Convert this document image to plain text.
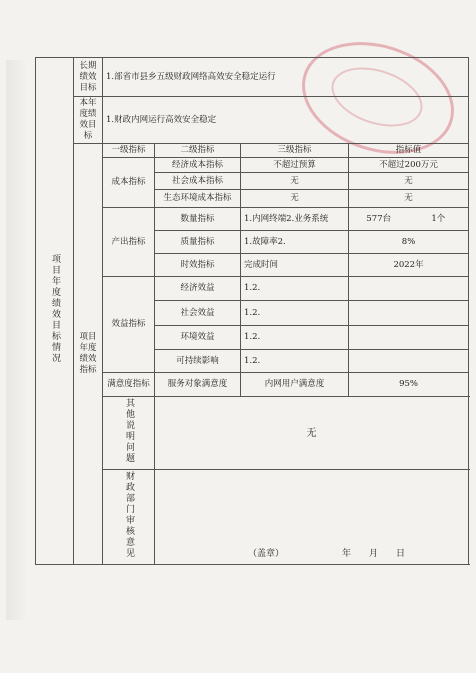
项目年度绩效目标情况	长期绩效目标	1.部省市县乡五级财政网络高效安全稳定运行				
	本年度绩效目标	1.财政内网运行高效安全稳定				
	项目年度绩效指标	一级指标	二级指标	三级指标	指标值	
		成本指标	经济成本指标	不超过预算	不超过200万元	
			社会成本指标	无	无	
			生态环境成本指标	无	无	
		产出指标	数量指标	1.内网终端2.业务系统	577台	1个
			质量指标	1.故障率2.	8%	
			时效指标	完成时间	2022年	
		效益指标	经济效益	1.2.		
			社会效益	1.2.		
			环境效益	1.2.		
			可持续影响	1.2.		
		满意度指标	服务对象满意度	内网用户满意度	95%	
		其他说明问题	无			
		财政部门审核意见	（盖章） 年 月 日			
